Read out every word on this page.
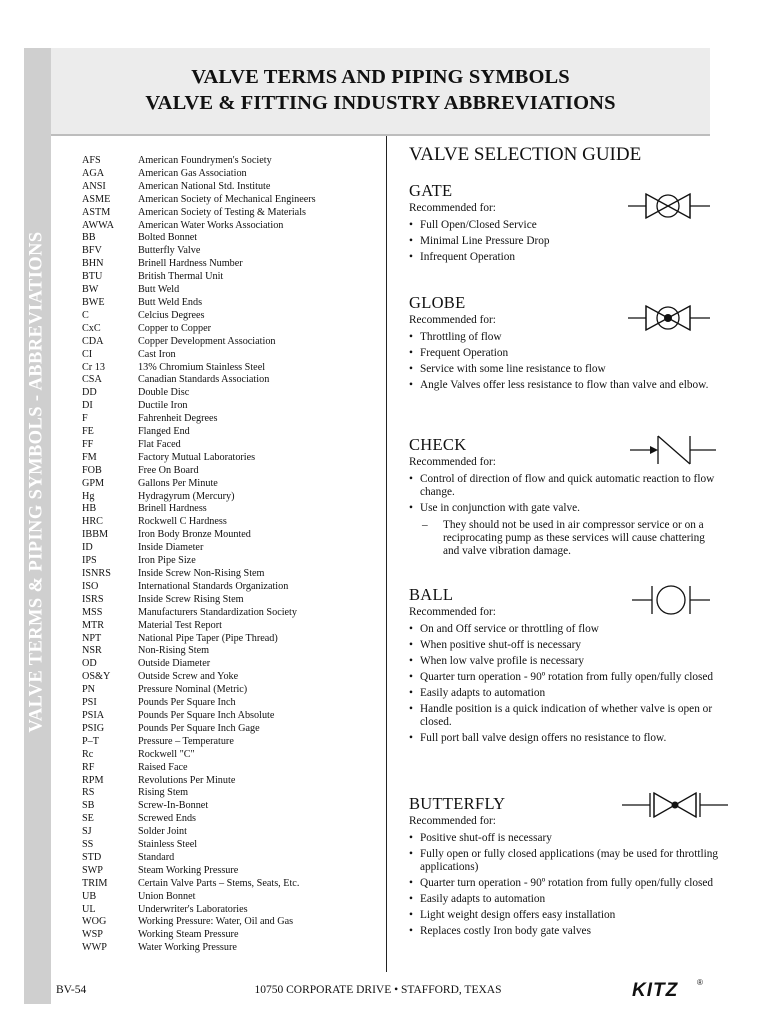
VALVE TERMS & PIPING SYMBOLS - ABBREVIATIONS
VALVE TERMS AND PIPING SYMBOLS
VALVE & FITTING INDUSTRY ABBREVIATIONS
AFS	American Foundrymen's Society
AGA	American Gas Association
ANSI	American National Std. Institute
ASME	American Society of Mechanical Engineers
ASTM	American Society of Testing & Materials
AWWA	American Water Works Association
BB	Bolted Bonnet
BFV	Butterfly Valve
BHN	Brinell Hardness Number
BTU	British Thermal Unit
BW	Butt Weld
BWE	Butt Weld Ends
C	Celcius Degrees
CxC	Copper to Copper
CDA	Copper Development Association
CI	Cast Iron
Cr 13	13% Chromium Stainless Steel
CSA	Canadian Standards Association
DD	Double Disc
DI	Ductile Iron
F	Fahrenheit Degrees
FE	Flanged End
FF	Flat Faced
FM	Factory Mutual Laboratories
FOB	Free On Board
GPM	Gallons Per Minute
Hg	Hydragyrum (Mercury)
HB	Brinell Hardness
HRC	Rockwell C Hardness
IBBM	Iron Body Bronze Mounted
ID	Inside Diameter
IPS	Iron Pipe Size
ISNRS	Inside Screw Non-Rising Stem
ISO	International Standards Organization
ISRS	Inside Screw Rising Stem
MSS	Manufacturers Standardization Society
MTR	Material Test Report
NPT	National Pipe Taper (Pipe Thread)
NSR	Non-Rising Stem
OD	Outside Diameter
OS&Y	Outside Screw and Yoke
PN	Pressure Nominal (Metric)
PSI	Pounds Per Square Inch
PSIA	Pounds Per Square Inch Absolute
PSIG	Pounds Per Square Inch Gage
P–T	Pressure – Temperature
Rc	Rockwell "C"
RF	Raised Face
RPM	Revolutions Per Minute
RS	Rising Stem
SB	Screw-In-Bonnet
SE	Screwed Ends
SJ	Solder Joint
SS	Stainless Steel
STD	Standard
SWP	Steam Working Pressure
TRIM	Certain Valve Parts – Stems, Seats, Etc.
UB	Union Bonnet
UL	Underwriter's Laboratories
WOG	Working Pressure: Water, Oil and Gas
WSP	Working Steam Pressure
WWP	Water Working Pressure
VALVE SELECTION GUIDE
GATE
Recommended for:
• Full Open/Closed Service
• Minimal Line Pressure Drop
• Infrequent Operation
GLOBE
Recommended for:
• Throttling of flow
• Frequent Operation
• Service with some line resistance to flow
• Angle Valves offer less resistance to flow than valve and elbow.
CHECK
Recommended for:
• Control of direction of flow and quick automatic reaction to flow change.
• Use in conjunction with gate valve.
– They should not be used in air compressor service or on a reciprocating pump as these services will cause chattering and valve vibration damage.
BALL
Recommended for:
• On and Off service or throttling of flow
• When positive shut-off is necessary
• When low valve profile is necessary
• Quarter turn operation - 90º rotation from fully open/fully closed
• Easily adapts to automation
• Handle position is a quick indication of whether valve is open or closed.
• Full port ball valve design offers no resistance to flow.
BUTTERFLY
Recommended for:
• Positive shut-off is necessary
• Fully open or fully closed applications (may be used for throttling applications)
• Quarter turn operation - 90º rotation from fully open/fully closed
• Easily adapts to automation
• Light weight design offers easy installation
• Replaces costly Iron body gate valves
BV-54	10750 CORPORATE DRIVE • STAFFORD, TEXAS	KITZ ®
